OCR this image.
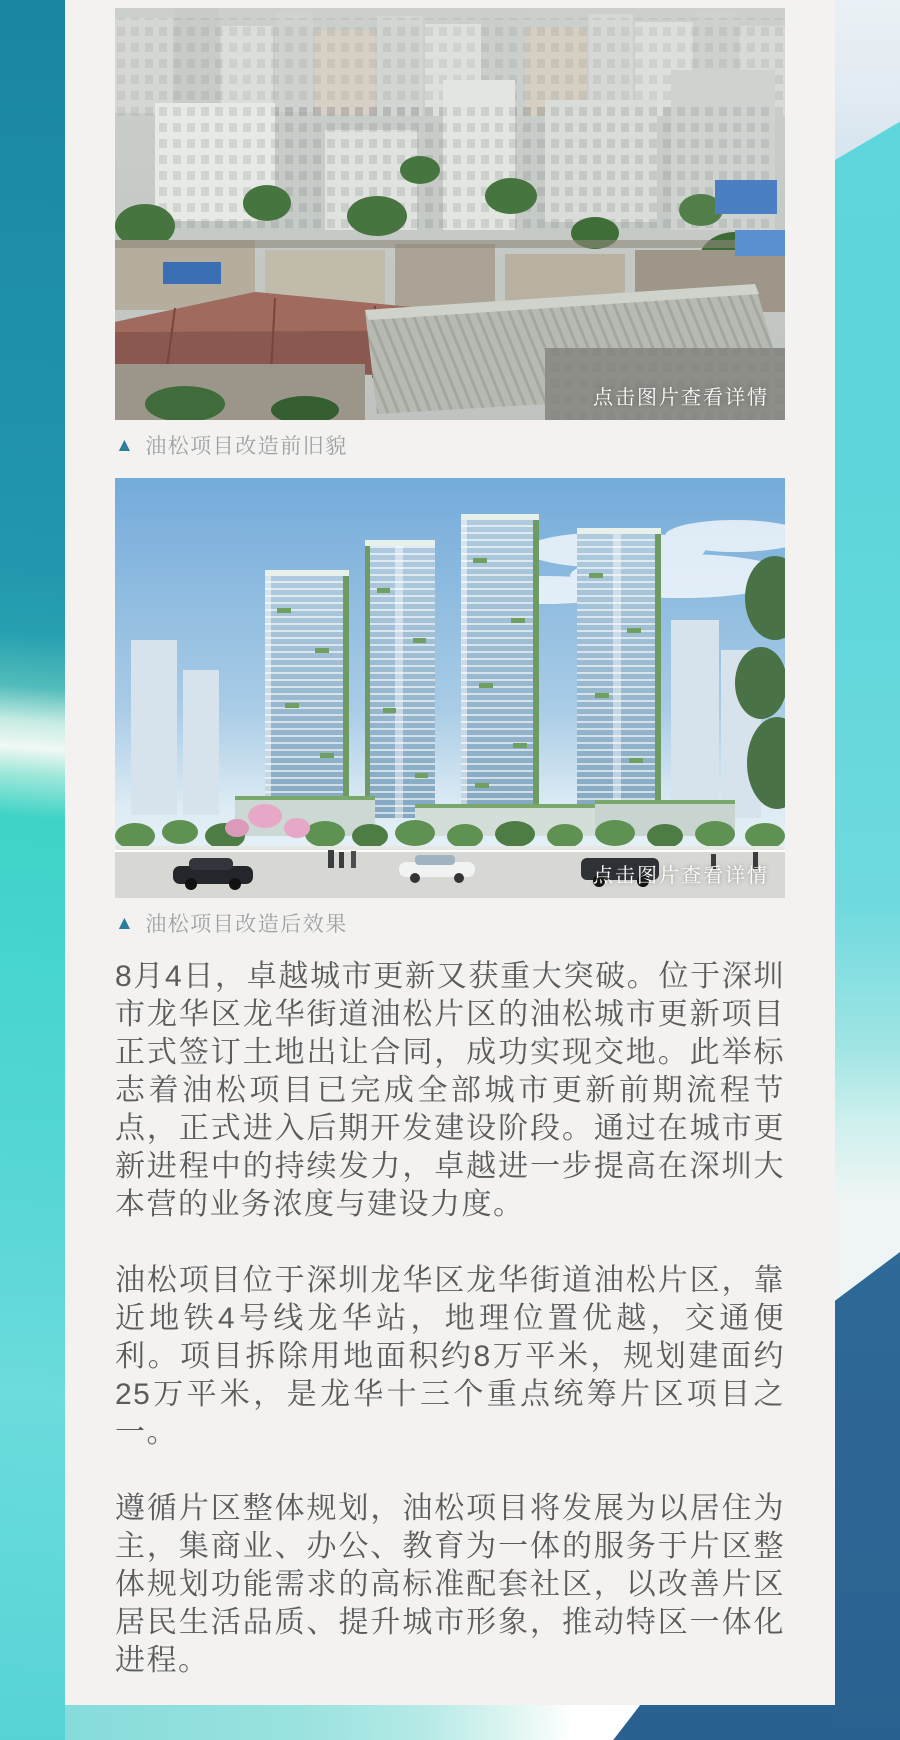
点击图片查看详情
▲ 油松项目改造前旧貌
点击图片查看详情
▲ 油松项目改造后效果

8月4日，卓越城市更新又获重大突破。位于深圳市龙华区龙华街道油松片区的油松城市更新项目正式签订土地出让合同，成功实现交地。此举标志着油松项目已完成全部城市更新前期流程节点，正式进入后期开发建设阶段。通过在城市更新进程中的持续发力，卓越进一步提高在深圳大本营的业务浓度与建设力度。

油松项目位于深圳龙华区龙华街道油松片区，靠近地铁4号线龙华站，地理位置优越，交通便利。项目拆除用地面积约8万平米，规划建面约25万平米，是龙华十三个重点统筹片区项目之一。

遵循片区整体规划，油松项目将发展为以居住为主，集商业、办公、教育为一体的服务于片区整体规划功能需求的高标准配套社区，以改善片区居民生活品质、提升城市形象，推动特区一体化进程。
